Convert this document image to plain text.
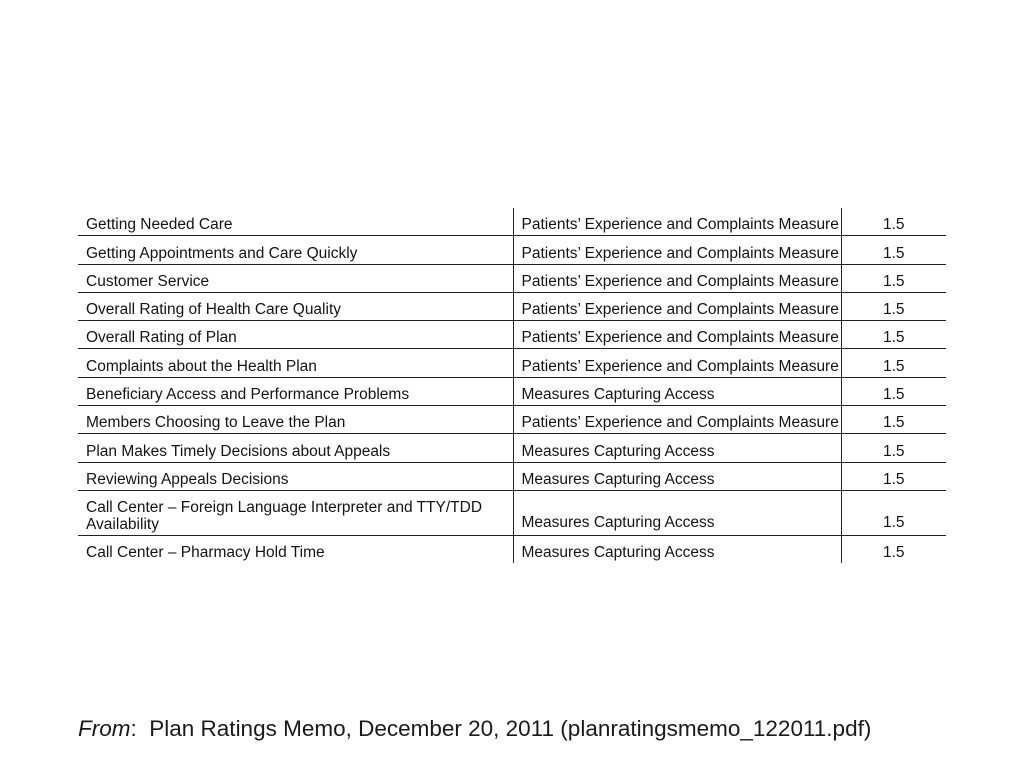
Getting Needed Care	Patients’ Experience and Complaints Measure	1.5
Getting Appointments and Care Quickly	Patients’ Experience and Complaints Measure	1.5
Customer Service	Patients’ Experience and Complaints Measure	1.5
Overall Rating of Health Care Quality	Patients’ Experience and Complaints Measure	1.5
Overall Rating of Plan	Patients’ Experience and Complaints Measure	1.5
Complaints about the Health Plan	Patients’ Experience and Complaints Measure	1.5
Beneficiary Access and Performance Problems	Measures Capturing Access	1.5
Members Choosing to Leave the Plan	Patients’ Experience and Complaints Measure	1.5
Plan Makes Timely Decisions about Appeals	Measures Capturing Access	1.5
Reviewing Appeals Decisions	Measures Capturing Access	1.5
Call Center – Foreign Language Interpreter and TTY/TDD Availability	Measures Capturing Access	1.5
Call Center – Pharmacy Hold Time	Measures Capturing Access	1.5
From:  Plan Ratings Memo, December 20, 2011 (planratingsmemo_122011.pdf)
